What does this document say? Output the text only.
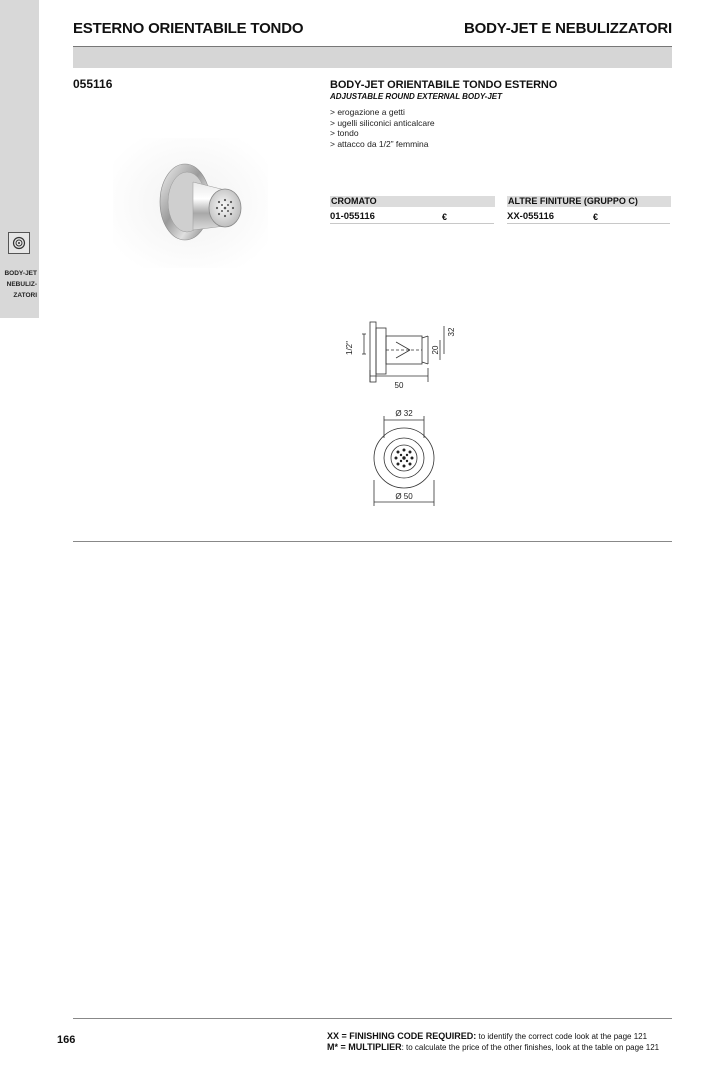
BODY-JET
NEBULIZ-
ZATORI
ESTERNO ORIENTABILE TONDO	BODY-JET E NEBULIZZATORI
055116	BODY-JET ORIENTABILE TONDO ESTERNO
ADJUSTABLE ROUND EXTERNAL BODY-JET
> erogazione a getti
> ugelli siliconici anticalcare
> tondo
> attacco da 1/2” femmina
CROMATO	ALTRE FINITURE (GRUPPO C)
01-055116	€	XX-055116	€
1/2"
50
20
32
Ø 32
Ø 50
166	XX = FINISHING CODE REQUIRED: to identify the correct code look at the page 121
M* = MULTIPLIER: to calculate the price of the other finishes, look at the table on page 121
